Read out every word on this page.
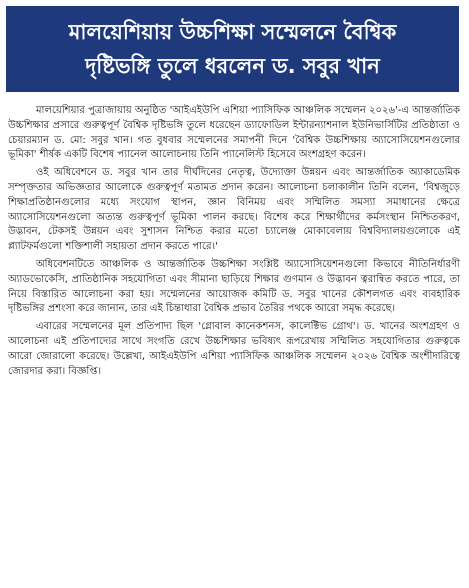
মালয়েশিয়ায় উচ্চশিক্ষা সম্মেলনে বৈশ্বিক
দৃষ্টিভঙ্গি তুলে ধরলেন ড. সবুর খান

মালয়েশিয়ার পুত্রাজায়ায় অনুষ্ঠিত 'আইএইউপি এশিয়া প্যাসিফিক আঞ্চলিক সম্মেলন ২০২৬'-এ আন্তর্জাতিক উচ্চশিক্ষার প্রসারে গুরুত্বপূর্ণ বৈশ্বিক দৃষ্টিভঙ্গি তুলে ধরেছেন ড্যাফোডিল ইন্টারন্যাশনাল ইউনিভার্সিটির প্রতিষ্ঠাতা ও চেয়ারম্যান ড. মো: সবুর খান। গত বুধবার সম্মেলনের সমাপনী দিনে 'বৈশ্বিক উচ্চশিক্ষায় অ্যাসোসিয়েশনগুলোর ভূমিকা' শীর্ষক একটি বিশেষ প্যানেল আলোচনায় তিনি প্যানেলিস্ট হিসেবে অংশগ্রহণ করেন।

ওই অধিবেশনে ড. সবুর খান তার দীর্ঘদিনের নেতৃত্ব, উদ্যোক্তা উন্নয়ন এবং আন্তর্জাতিক অ্যাকাডেমিক সম্পৃক্ততার অভিজ্ঞতার আলোকে গুরুত্বপূর্ণ মতামত প্রদান করেন। আলোচনা চলাকালীন তিনি বলেন, 'বিশ্বজুড়ে শিক্ষাপ্রতিষ্ঠানগুলোর মধ্যে সংযোগ স্থাপন, জ্ঞান বিনিময় এবং সম্মিলিত সমস্যা সমাধানের ক্ষেত্রে অ্যাসোসিয়েশনগুলো অত্যন্ত গুরুত্বপূর্ণ ভূমিকা পালন করছে। বিশেষ করে শিক্ষার্থীদের কর্মসংস্থান নিশ্চিতকরণ, উদ্ভাবন, টেকসই উন্নয়ন এবং সুশাসন নিশ্চিত করার মতো চ্যালেঞ্জ মোকাবেলায় বিশ্ববিদ্যালয়গুলোকে এই প্ল্যাটফর্মগুলো শক্তিশালী সহায়তা প্রদান করতে পারে।'

অধিবেশনটিতে আঞ্চলিক ও আন্তর্জাতিক উচ্চশিক্ষা সংশ্লিষ্ট অ্যাসোসিয়েশনগুলো কিভাবে নীতিনির্ধারণী অ্যাডভোকেসি, প্রাতিষ্ঠানিক সহযোগিতা এবং সীমানা ছাড়িয়ে শিক্ষার গুণমান ও উদ্ভাবন ত্বরান্বিত করতে পারে, তা নিয়ে বিস্তারিত আলোচনা করা হয়। সম্মেলনের আয়োজক কমিটি ড. সবুর খানের কৌশলগত এবং ব্যবহারিক দৃষ্টিভঙ্গির প্রশংসা করে জানান, তার এই চিন্তাধারা বৈশ্বিক প্রভাব তৈরির পথকে আরো সমৃদ্ধ করেছে।

এবারের সম্মেলনের মূল প্রতিপাদ্য ছিল 'গ্লোবাল কানেকশনস, কালেক্টিভ গ্রোথ'। ড. খানের অংশগ্রহণ ও আলোচনা এই প্রতিপাদ্যের সাথে সংগতি রেখে উচ্চশিক্ষার ভবিষ্যৎ রূপরেখায় সম্মিলিত সহযোগিতার গুরুত্বকে আরো জোরালো করেছে। উল্লেখ্য, আইএইউপি এশিয়া প্যাসিফিক আঞ্চলিক সম্মেলন ২০২৬ বৈশ্বিক অংশীদারিত্বে জোরদার করা। বিজ্ঞপ্তি।
